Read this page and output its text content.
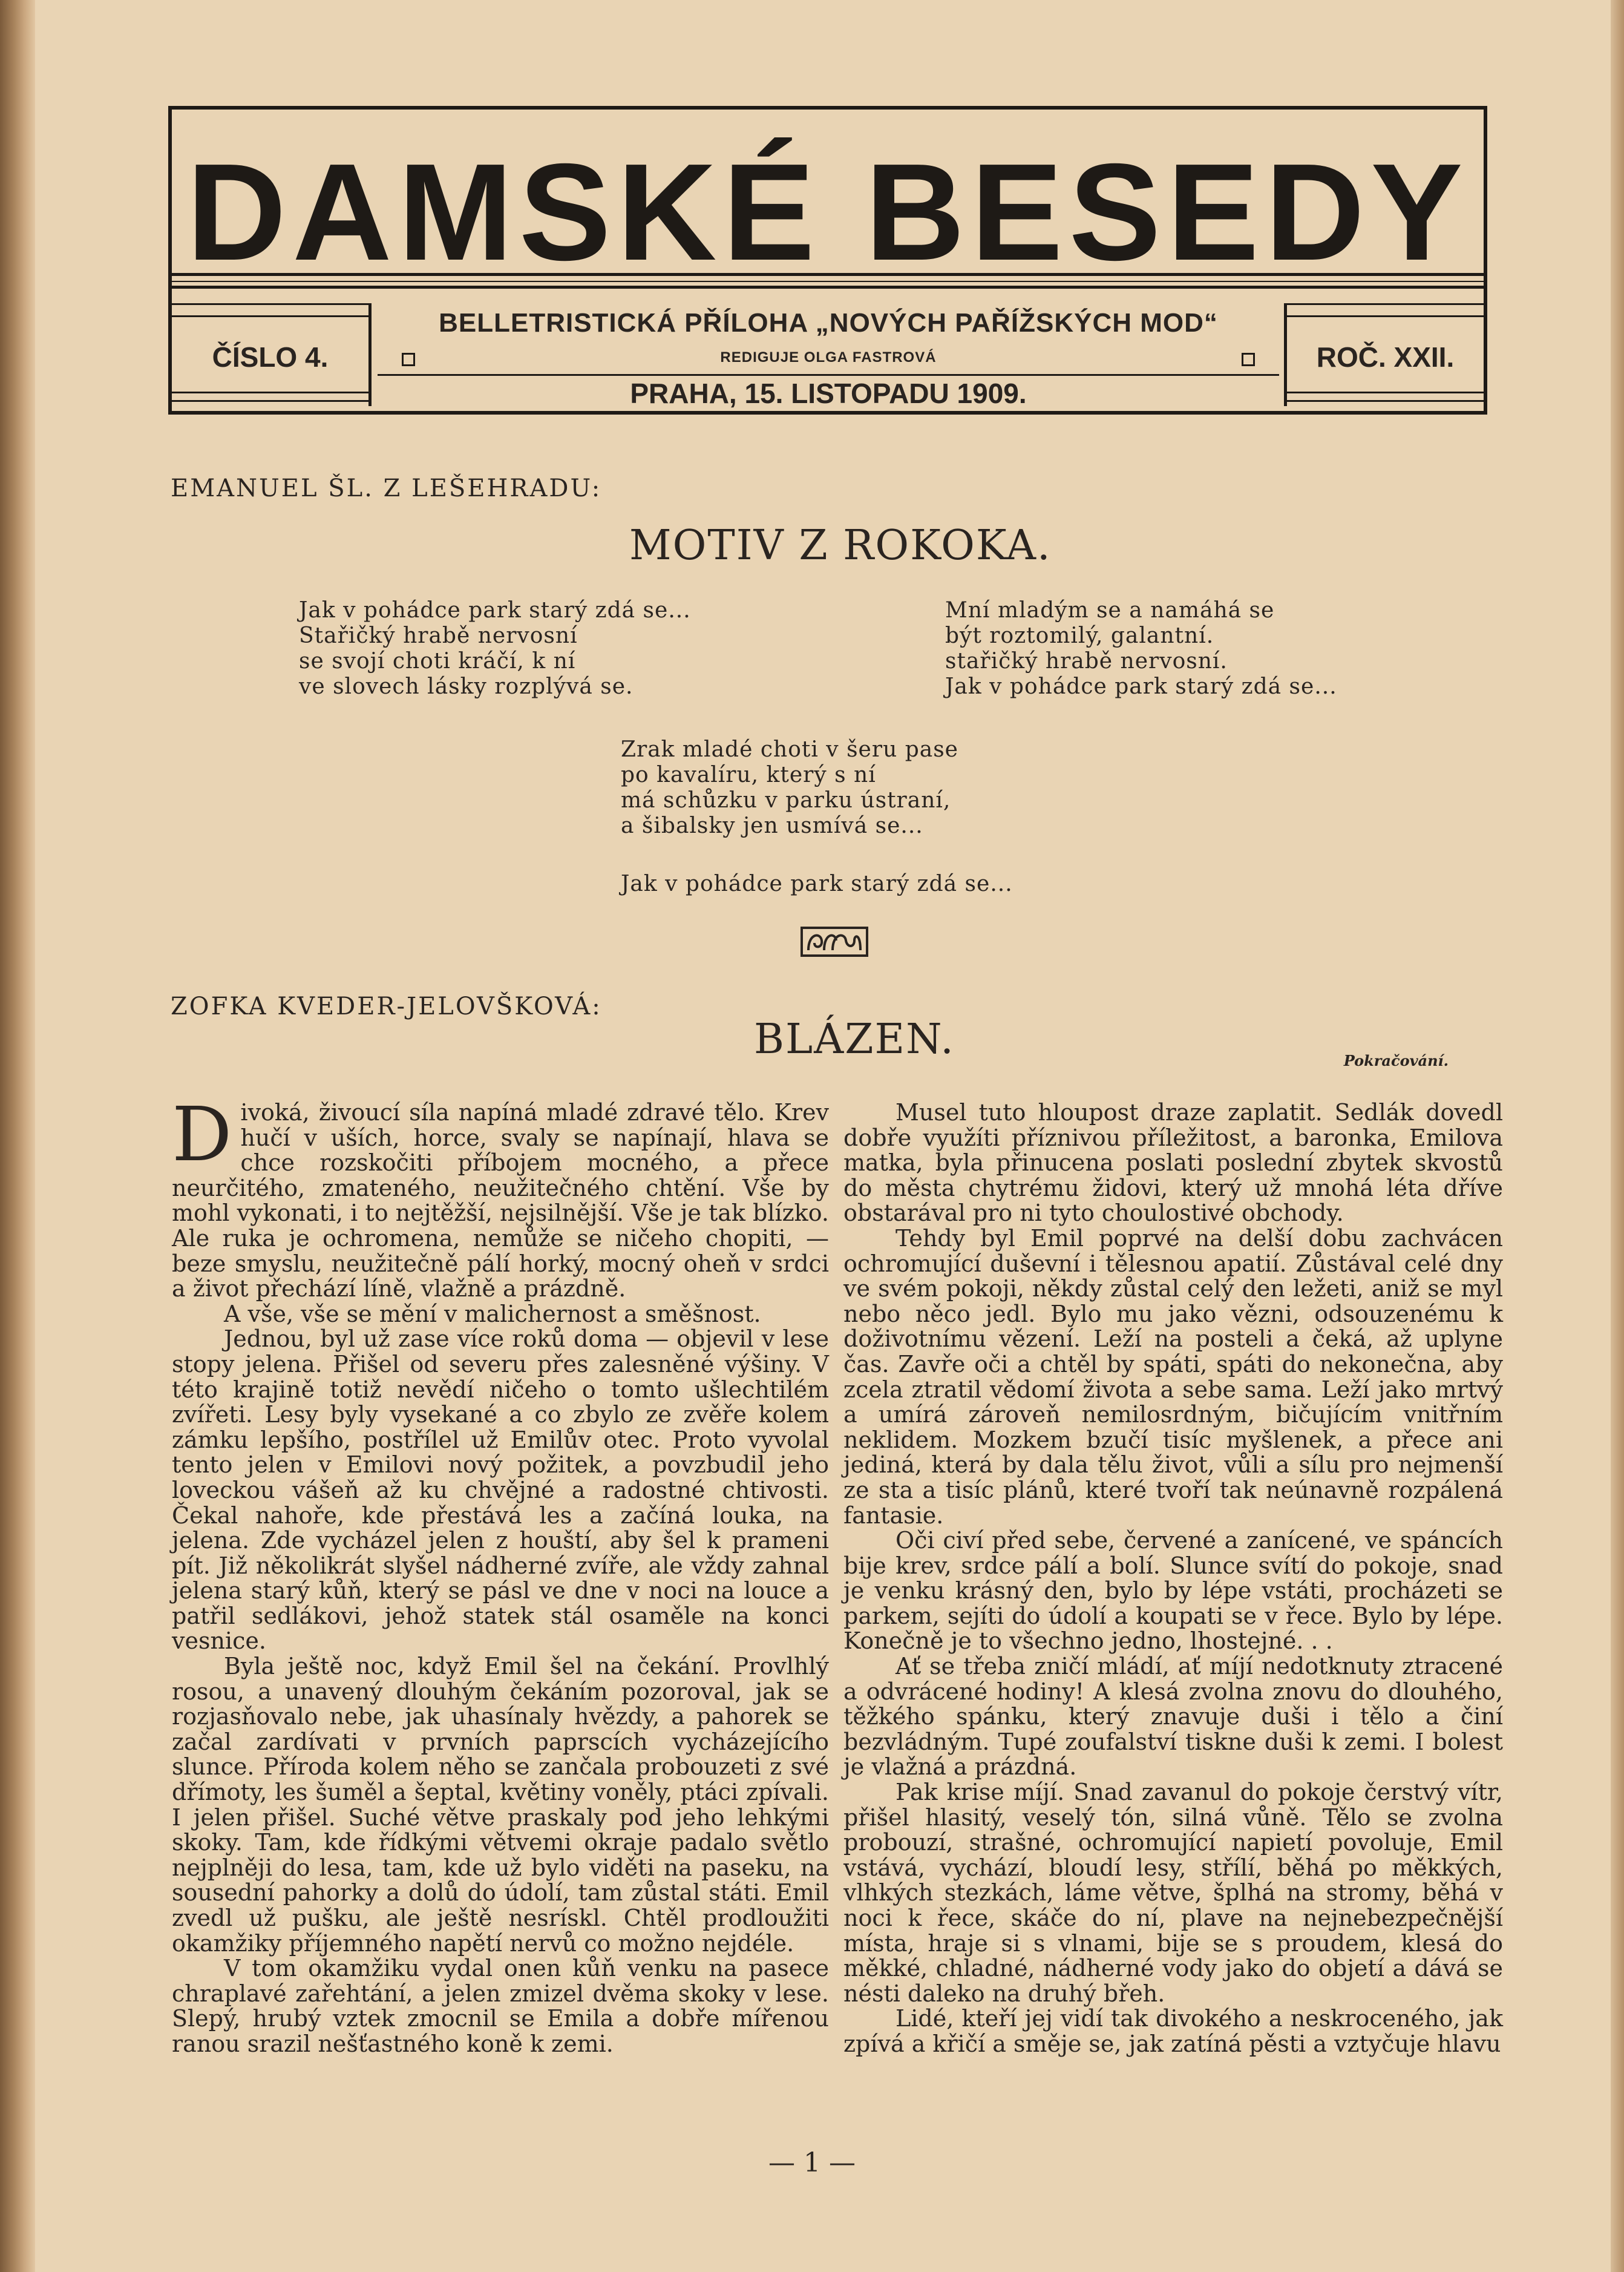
DAMSKÉ BESEDY
ČÍSLO 4.
BELLETRISTICKÁ PŘÍLOHA „NOVÝCH PAŘÍŽSKÝCH MOD“
REDIGUJE OLGA FASTROVÁ
PRAHA, 15. LISTOPADU 1909.
ROČ. XXII.
EMANUEL ŠL. Z LEŠEHRADU:
MOTIV Z ROKOKA.
Jak v pohádce park starý zdá se...
Stařičký hrabě nervosní
se svojí choti kráčí, k ní
ve slovech lásky rozplývá se.
Mní mladým se a namáhá se
být roztomilý, galantní.
stařičký hrabě nervosní.
Jak v pohádce park starý zdá se...
Zrak mladé choti v šeru pase
po kavalíru, který s ní
má schůzku v parku ústraní,
a šibalsky jen usmívá se...
Jak v pohádce park starý zdá se...
ZOFKA KVEDER-JELOVŠKOVÁ:
BLÁZEN.	Pokračování.

Divoká, živoucí síla napíná mladé zdravé tělo. Krev hučí v uších, horce, svaly se napínají, hlava se chce rozskočiti příbojem mocného, a přece neurčitého, zmateného, neužitečného chtění. Vše by mohl vykonati, i to nejtěžší, nejsilnější. Vše je tak blízko. Ale ruka je ochromena, nemůže se ničeho chopiti, — beze smyslu, neužitečně pálí horký, mocný oheň v srdci a život přechází líně, vlažně a prázdně.

A vše, vše se mění v malichernost a směšnost.

Jednou, byl už zase více roků doma — objevil v lese stopy jelena. Přišel od severu přes zalesněné výšiny. V této krajině totiž nevědí ničeho o tomto ušlechtilém zvířeti. Lesy byly vysekané a co zbylo ze zvěře kolem zámku lepšího, postřílel už Emilův otec. Proto vyvolal tento jelen v Emilovi nový požitek, a povzbudil jeho loveckou vášeň až ku chvějné a radostné chtivosti. Čekal nahoře, kde přestává les a začíná louka, na jelena. Zde vycházel jelen z houští, aby šel k prameni pít. Již několikrát slyšel nádherné zvíře, ale vždy zahnal jelena starý kůň, který se pásl ve dne v noci na louce a patřil sedlákovi, jehož statek stál osaměle na konci vesnice.

Byla ještě noc, když Emil šel na čekání. Provlhlý rosou, a unavený dlouhým čekáním pozoroval, jak se rozjasňovalo nebe, jak uhasínaly hvězdy, a pahorek se začal zardívati v prvních paprscích vycházejícího slunce. Příroda kolem něho se zančala probouzeti z své dřímoty, les šuměl a šeptal, květiny voněly, ptáci zpívali. I jelen přišel. Suché větve praskaly pod jeho lehkými skoky. Tam, kde řídkými větvemi okraje padalo světlo nejplněji do lesa, tam, kde už bylo viděti na paseku, na sousední pahorky a dolů do údolí, tam zůstal státi. Emil zvedl už pušku, ale ještě nesrískl. Chtěl prodloužiti okamžiky příjemného napětí nervů co možno nejdéle.

V tom okamžiku vydal onen kůň venku na pasece chraplavé zařehtání, a jelen zmizel dvěma skoky v lese. Slepý, hrubý vztek zmocnil se Emila a dobře mířenou ranou srazil nešťastného koně k zemi.

Musel tuto hloupost draze zaplatit. Sedlák dovedl dobře využíti příznivou příležitost, a baronka, Emilova matka, byla přinucena poslati poslední zbytek skvostů do města chytrému židovi, který už mnohá léta dříve obstarával pro ni tyto choulostivé obchody.

Tehdy byl Emil poprvé na delší dobu zachvácen ochromující duševní i tělesnou apatií. Zůstával celé dny ve svém pokoji, někdy zůstal celý den ležeti, aniž se myl nebo něco jedl. Bylo mu jako vězni, odsouzenému k doživotnímu vězení. Leží na posteli a čeká, až uplyne čas. Zavře oči a chtěl by spáti, spáti do nekonečna, aby zcela ztratil vědomí života a sebe sama. Leží jako mrtvý a umírá zároveň nemilosrdným, bičujícím vnitřním neklidem. Mozkem bzučí tisíc myšlenek, a přece ani jediná, která by dala tělu život, vůli a sílu pro nejmenší ze sta a tisíc plánů, které tvoří tak neúnavně rozpálená fantasie.

Oči civí před sebe, červené a zanícené, ve spáncích bije krev, srdce pálí a bolí. Slunce svítí do pokoje, snad je venku krásný den, bylo by lépe vstáti, procházeti se parkem, sejíti do údolí a koupati se v řece. Bylo by lépe. Konečně je to všechno jedno, lhostejné. . .

Ať se třeba zničí mládí, ať míjí nedotknuty ztracené a odvrácené hodiny! A klesá zvolna znovu do dlouhého, těžkého spánku, který znavuje duši i tělo a činí bezvládným. Tupé zoufalství tiskne duši k zemi. I bolest je vlažná a prázdná.

Pak krise míjí. Snad zavanul do pokoje čerstvý vítr, přišel hlasitý, veselý tón, silná vůně. Tělo se zvolna probouzí, strašné, ochromující napietí povoluje, Emil vstává, vychází, bloudí lesy, střílí, běhá po měkkých, vlhkých stezkách, láme větve, šplhá na stromy, běhá v noci k řece, skáče do ní, plave na nejnebezpečnější místa, hraje si s vlnami, bije se s proudem, klesá do měkké, chladné, nádherné vody jako do objetí a dává se nésti daleko na druhý břeh.

Lidé, kteří jej vidí tak divokého a neskroceného, jak zpívá a křičí a směje se, jak zatíná pěsti a vztyčuje hlavu

— 1 —
